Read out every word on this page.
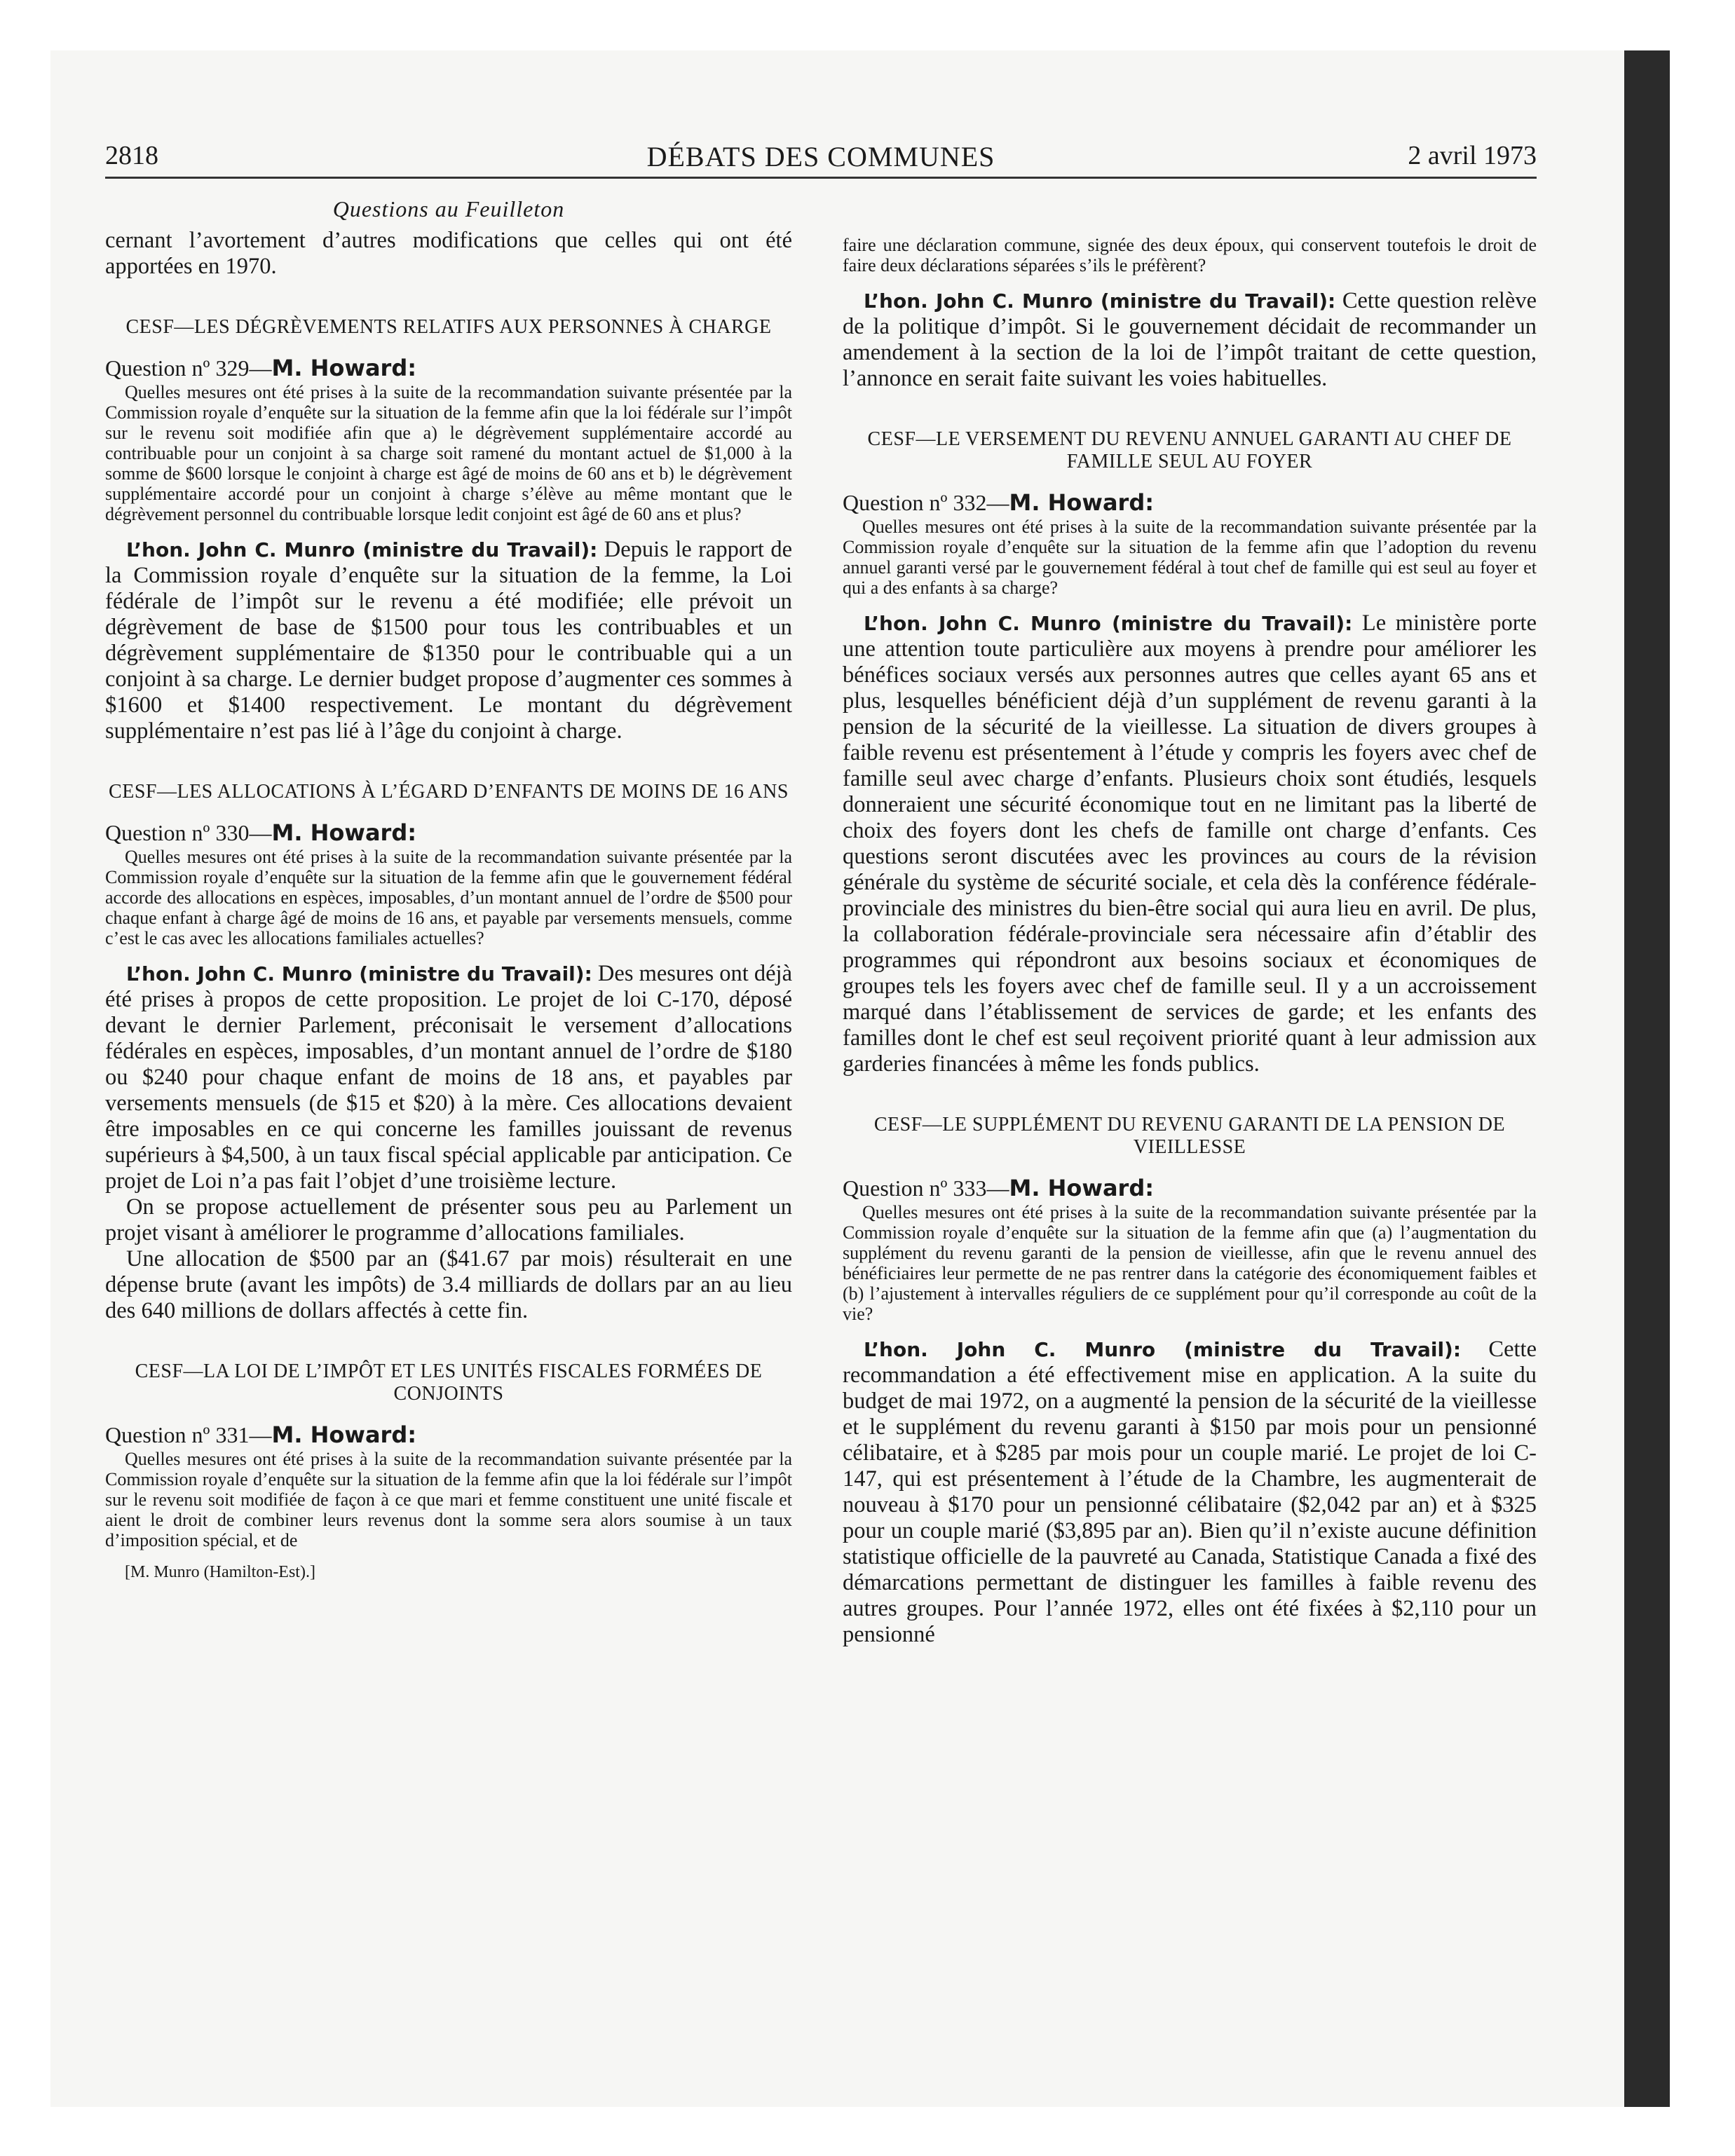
2818	DÉBATS DES COMMUNES	2 avril 1973
Questions au Feuilleton

cernant l’avortement d’autres modifications que celles qui ont été apportées en 1970.

CESF—LES DÉGRÈVEMENTS RELATIFS AUX PERSONNES À CHARGE
Question nº 329—M. Howard:

Quelles mesures ont été prises à la suite de la recommandation suivante présentée par la Commission royale d’enquête sur la situation de la femme afin que la loi fédérale sur l’impôt sur le revenu soit modifiée afin que a) le dégrèvement supplémentaire accordé au contribuable pour un conjoint à sa charge soit ramené du montant actuel de $1,000 à la somme de $600 lorsque le conjoint à charge est âgé de moins de 60 ans et b) le dégrèvement supplémentaire accordé pour un conjoint à charge s’élève au même montant que le dégrèvement personnel du contribuable lorsque ledit conjoint est âgé de 60 ans et plus?

L’hon. John C. Munro (ministre du Travail): Depuis le rapport de la Commission royale d’enquête sur la situation de la femme, la Loi fédérale de l’impôt sur le revenu a été modifiée; elle prévoit un dégrèvement de base de $1500 pour tous les contribuables et un dégrèvement supplémentaire de $1350 pour le contribuable qui a un conjoint à sa charge. Le dernier budget propose d’augmenter ces sommes à $1600 et $1400 respectivement. Le montant du dégrèvement supplémentaire n’est pas lié à l’âge du conjoint à charge.

CESF—LES ALLOCATIONS À L’ÉGARD D’ENFANTS DE MOINS DE 16 ANS
Question nº 330—M. Howard:

Quelles mesures ont été prises à la suite de la recommandation suivante présentée par la Commission royale d’enquête sur la situation de la femme afin que le gouvernement fédéral accorde des allocations en espèces, imposables, d’un montant annuel de l’ordre de $500 pour chaque enfant à charge âgé de moins de 16 ans, et payable par versements mensuels, comme c’est le cas avec les allocations familiales actuelles?

L’hon. John C. Munro (ministre du Travail): Des mesures ont déjà été prises à propos de cette proposition. Le projet de loi C-170, déposé devant le dernier Parlement, préconisait le versement d’allocations fédérales en espèces, imposables, d’un montant annuel de l’ordre de $180 ou $240 pour chaque enfant de moins de 18 ans, et payables par versements mensuels (de $15 et $20) à la mère. Ces allocations devaient être imposables en ce qui concerne les familles jouissant de revenus supérieurs à $4,500, à un taux fiscal spécial applicable par anticipation. Ce projet de Loi n’a pas fait l’objet d’une troisième lecture.

On se propose actuellement de présenter sous peu au Parlement un projet visant à améliorer le programme d’allocations familiales.

Une allocation de $500 par an ($41.67 par mois) résulterait en une dépense brute (avant les impôts) de 3.4 milliards de dollars par an au lieu des 640 millions de dollars affectés à cette fin.

CESF—LA LOI DE L’IMPÔT ET LES UNITÉS FISCALES FORMÉES DE CONJOINTS
Question nº 331—M. Howard:

Quelles mesures ont été prises à la suite de la recommandation suivante présentée par la Commission royale d’enquête sur la situation de la femme afin que la loi fédérale sur l’impôt sur le revenu soit modifiée de façon à ce que mari et femme constituent une unité fiscale et aient le droit de combiner leurs revenus dont la somme sera alors soumise à un taux d’imposition spécial, et de

[M. Munro (Hamilton-Est).]

faire une déclaration commune, signée des deux époux, qui conservent toutefois le droit de faire deux déclarations séparées s’ils le préfèrent?

L’hon. John C. Munro (ministre du Travail): Cette question relève de la politique d’impôt. Si le gouvernement décidait de recommander un amendement à la section de la loi de l’impôt traitant de cette question, l’annonce en serait faite suivant les voies habituelles.

CESF—LE VERSEMENT DU REVENU ANNUEL GARANTI AU CHEF DE FAMILLE SEUL AU FOYER
Question nº 332—M. Howard:

Quelles mesures ont été prises à la suite de la recommandation suivante présentée par la Commission royale d’enquête sur la situation de la femme afin que l’adoption du revenu annuel garanti versé par le gouvernement fédéral à tout chef de famille qui est seul au foyer et qui a des enfants à sa charge?

L’hon. John C. Munro (ministre du Travail): Le ministère porte une attention toute particulière aux moyens à prendre pour améliorer les bénéfices sociaux versés aux personnes autres que celles ayant 65 ans et plus, lesquelles bénéficient déjà d’un supplément de revenu garanti à la pension de la sécurité de la vieillesse. La situation de divers groupes à faible revenu est présentement à l’étude y compris les foyers avec chef de famille seul avec charge d’enfants. Plusieurs choix sont étudiés, lesquels donneraient une sécurité économique tout en ne limitant pas la liberté de choix des foyers dont les chefs de famille ont charge d’enfants. Ces questions seront discutées avec les provinces au cours de la révision générale du système de sécurité sociale, et cela dès la conférence fédérale-provinciale des ministres du bien-être social qui aura lieu en avril. De plus, la collaboration fédérale-provinciale sera nécessaire afin d’établir des programmes qui répondront aux besoins sociaux et économiques de groupes tels les foyers avec chef de famille seul. Il y a un accroissement marqué dans l’établissement de services de garde; et les enfants des familles dont le chef est seul reçoivent priorité quant à leur admission aux garderies financées à même les fonds publics.

CESF—LE SUPPLÉMENT DU REVENU GARANTI DE LA PENSION DE VIEILLESSE
Question nº 333—M. Howard:

Quelles mesures ont été prises à la suite de la recommandation suivante présentée par la Commission royale d’enquête sur la situation de la femme afin que (a) l’augmentation du supplément du revenu garanti de la pension de vieillesse, afin que le revenu annuel des bénéficiaires leur permette de ne pas rentrer dans la catégorie des économiquement faibles et (b) l’ajustement à intervalles réguliers de ce supplément pour qu’il corresponde au coût de la vie?

L’hon. John C. Munro (ministre du Travail): Cette recommandation a été effectivement mise en application. A la suite du budget de mai 1972, on a augmenté la pension de la sécurité de la vieillesse et le supplément du revenu garanti à $150 par mois pour un pensionné célibataire, et à $285 par mois pour un couple marié. Le projet de loi C-147, qui est présentement à l’étude de la Chambre, les augmenterait de nouveau à $170 pour un pensionné célibataire ($2,042 par an) et à $325 pour un couple marié ($3,895 par an). Bien qu’il n’existe aucune définition statistique officielle de la pauvreté au Canada, Statistique Canada a fixé des démarcations permettant de distinguer les familles à faible revenu des autres groupes. Pour l’année 1972, elles ont été fixées à $2,110 pour un pensionné
